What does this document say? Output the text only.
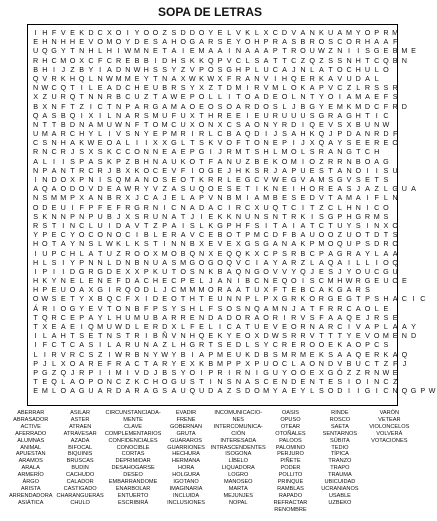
SOPA DE LETRAS
I H F V E K D C X O I Y O O Z S D D O Y E L V K L X C D V A N K U A M Y O P R M
E H N H H E V O M O Y D E S A H O G A R S E Y O H P R A S B R O S C O R H A A F
U Q G Y T N H L H I W M N E T A I E M A A I N A A A P T R O U W Z N I	I S G E B M E
R H C M O X C F C R E B B I D H S K K Q P V C L S A T T C Z Q Z S S N H T C Q B N
B H I J Z B Y I A D N W H S S Y Z V P O S G H P L U C A J N L A T O C H U L O
Q V R K H Q L N W M M E Y T N A X W K W X F R A N V I H Q E R K A V U D A L
N W C Q T I L E A D C H E U B R S Y X Z T D M I R V M L O K A P V C Z L R S S R
X Z U R Q T N N R B C U Z T A W E P O L L I T O A D E O L N T Y O I A M A E F S
B X N F T Z I C T N P A R G A M A O E O S O A R D O S L J B G Y E M K M D C F R D
Q A S B Q I X I L N A R S M U F U X T H R E E I E U R U U U S G R A G H T I C
N T T B D N A M U W N F T O M C U X O N X C S A O N Y R D I Q E V S X B U N W
U M A R C H Y L I V S N Y E P M R I R L C B A Q D I J S A H K Q J P D A N R D F
C S N H A K W E O A L I	I X X G L T S K V O F T O N E P I J X Q A Y S E E R E O
R N C R J S X S K C C O N N E A E P G I J R M T S H L M O L S R A N G T C H
A L I	I S P A S K P Z B H N A U K O T F A N U Z B E K O M I O Z R R N B O A G
N P A N T R C R J B X K O C E V F I O G E J H K S R J A P U E S T A N O I	I S U
I N D O X P N I S Q M A N O S E O T K R R L E G C V W E G V A M S G V S E T S
A Q A O D O V D E A W R Y V Z A S U Q O E S E T I K N E I H O R E A S J A Z L G U A
N S M M P X A N B R X J C A J E L A P V N B M I A M B E S E D V T A M A I F L N
O D E U I F P F E F R G R N I C N A D A C I R C X U Q T C I T Z C L H N I C O
S K N N P N P U B J X S R U N A T J I E K K N U N S N T R K I S G P H G R M S
R S T I N C L U I D A V T Z P A I S L K G P H F S I T A I A T C T U Y S I N X O
Y P E C Y O C O N O C I B L E R A V C E B O T P M C D F B A U O O Z U O T D T S
H O T A Y N S L W K L K S T I N N B X E V E X G S G A N A K P M O Q U P S D R O
I U P C H L A T U Z R O O X M O B Q N X E Q Q K X C P S R B C P A G R A Y L A A
H L S I Y P N N L D N B N U A S M G O G O Q V C I A Y A R Z L A Q A I L L I O Q
I P I	I D G R G D E X X P K U T O S N K B A Q N G O V V Y Q J E S J Y O U C G U
H K Y N E L E N E F D A C H E C P E L J A N I B C N E Q O I S C M H W R G E U O E
H P E U O A X G I R Q O D L J C M M M O R A A T U X F T E B C A K G A R S
O W S E T Y X B Q C F X I D E O T H T E U N N P L P X G R K O R G E G T P S H A C I C
Á R I O G Y E V T O N B F P S Y S H L F S O S N Q A M N J A T F R R C A O L E
T Q R C E P A Y L H U M U B A R R E N D A D O R A O R I R V S F A A Q E J R S E
T X E A E I Q M U W D L E R D X L F E L I C A T U E V E O R N A R C I V A P L A A Y
I L A H T S E T N S T R I B Ñ V N H Q E K Y E O X D W S R R V T T T Y E V O M E N D
I F C T C A S I L A R U N A Z L H G R T S E D L S Y C R E R O O E K A O P C S
L I R V R C S Z I W R B N Y W Y B I A P M E U K D B S M R M E K S A A Q E R K A Q
P J L X O A R E F R A C T A R Y E X K B M P P X P U O C L A O N D V B U C T Z F J
P G Z Q J R P I	I M I V D J B S Y O I P R I R N I G U Y O O E X G Ó Z Z R N W E
T E Q L A O P O N C Z K C H O G U S T I N S N A S C E N D E N T E S I O I N C Z
E M L O A G U A R D A R A G S A U Q U D A Z S D O M Y A E Y L S O D I	I G I C N Q G P W
ABERRAR
ABRASADOR
ACTIVE
AFERRADO
ALUMNAS
ANIMAL
APUESTAN
ARAMOS
ARALA
ARMERÍO
ÁRGO
ARISTA
ARRENDADORA
ASIÁTICA
ASILAR
ASTER
ATRAEN
ATRAVESAR
AZADA
BIFOCAL
BIQUINIS
BRUSCAS
BUDIN
CACHUDO
CALADOR
CASTIGADO
CHARANGUERAS
CHULO
CIRCUNSTANCIADA-
MENTE
CLAVE
COMPLEMENTARIOS
CONFIDENCIALES
CONOCIBLE
CORTAS
DEPRIMIDAR
DESAHOGARSE
DESEO
EMBARRANDOME
ENARBOLAR
ENTUERTO
ESCRIBIRÁ
EVADIR
FRENE
GOBERNAN
GRUTA
GUARAROS
GUARRIONES
HECHURA
HERMANA
HORA
HOLGURA
IGOTANO
IMAGINARIA
INCLUIDA
INCLUSIONES
INCOMUNICACIO-
NES
INTERCOMUNICA-
CIÓN
INTERESADA
INTRASCENDENTES
ISOGONA
LÍBELO
LIQUADORA
LOGRO
MANOSEO
MARTA
MEJUNJES
NOPAL
OASIS
OPUSO
OTEAR
OTOÑALES
PALOOS
PALOMINO
PERJURO
PIÑETE
PODER
POLLITO
PRINQUE
RAMBLAS
RAPADO
REFRACTAR
RENOMBRE
RINDE
ROSCO
SAETA
SENTARNOS
SÚBITA
TEDIO
TÍPICA
TRANZO
TRAPO
TRAUMA
UBICUIDAD
UCRANIANOS
USABLE
UZBEKO
VARÓN
VETEAR
VIOLONCELOS
VOLVERÁ
VOTACIONES
